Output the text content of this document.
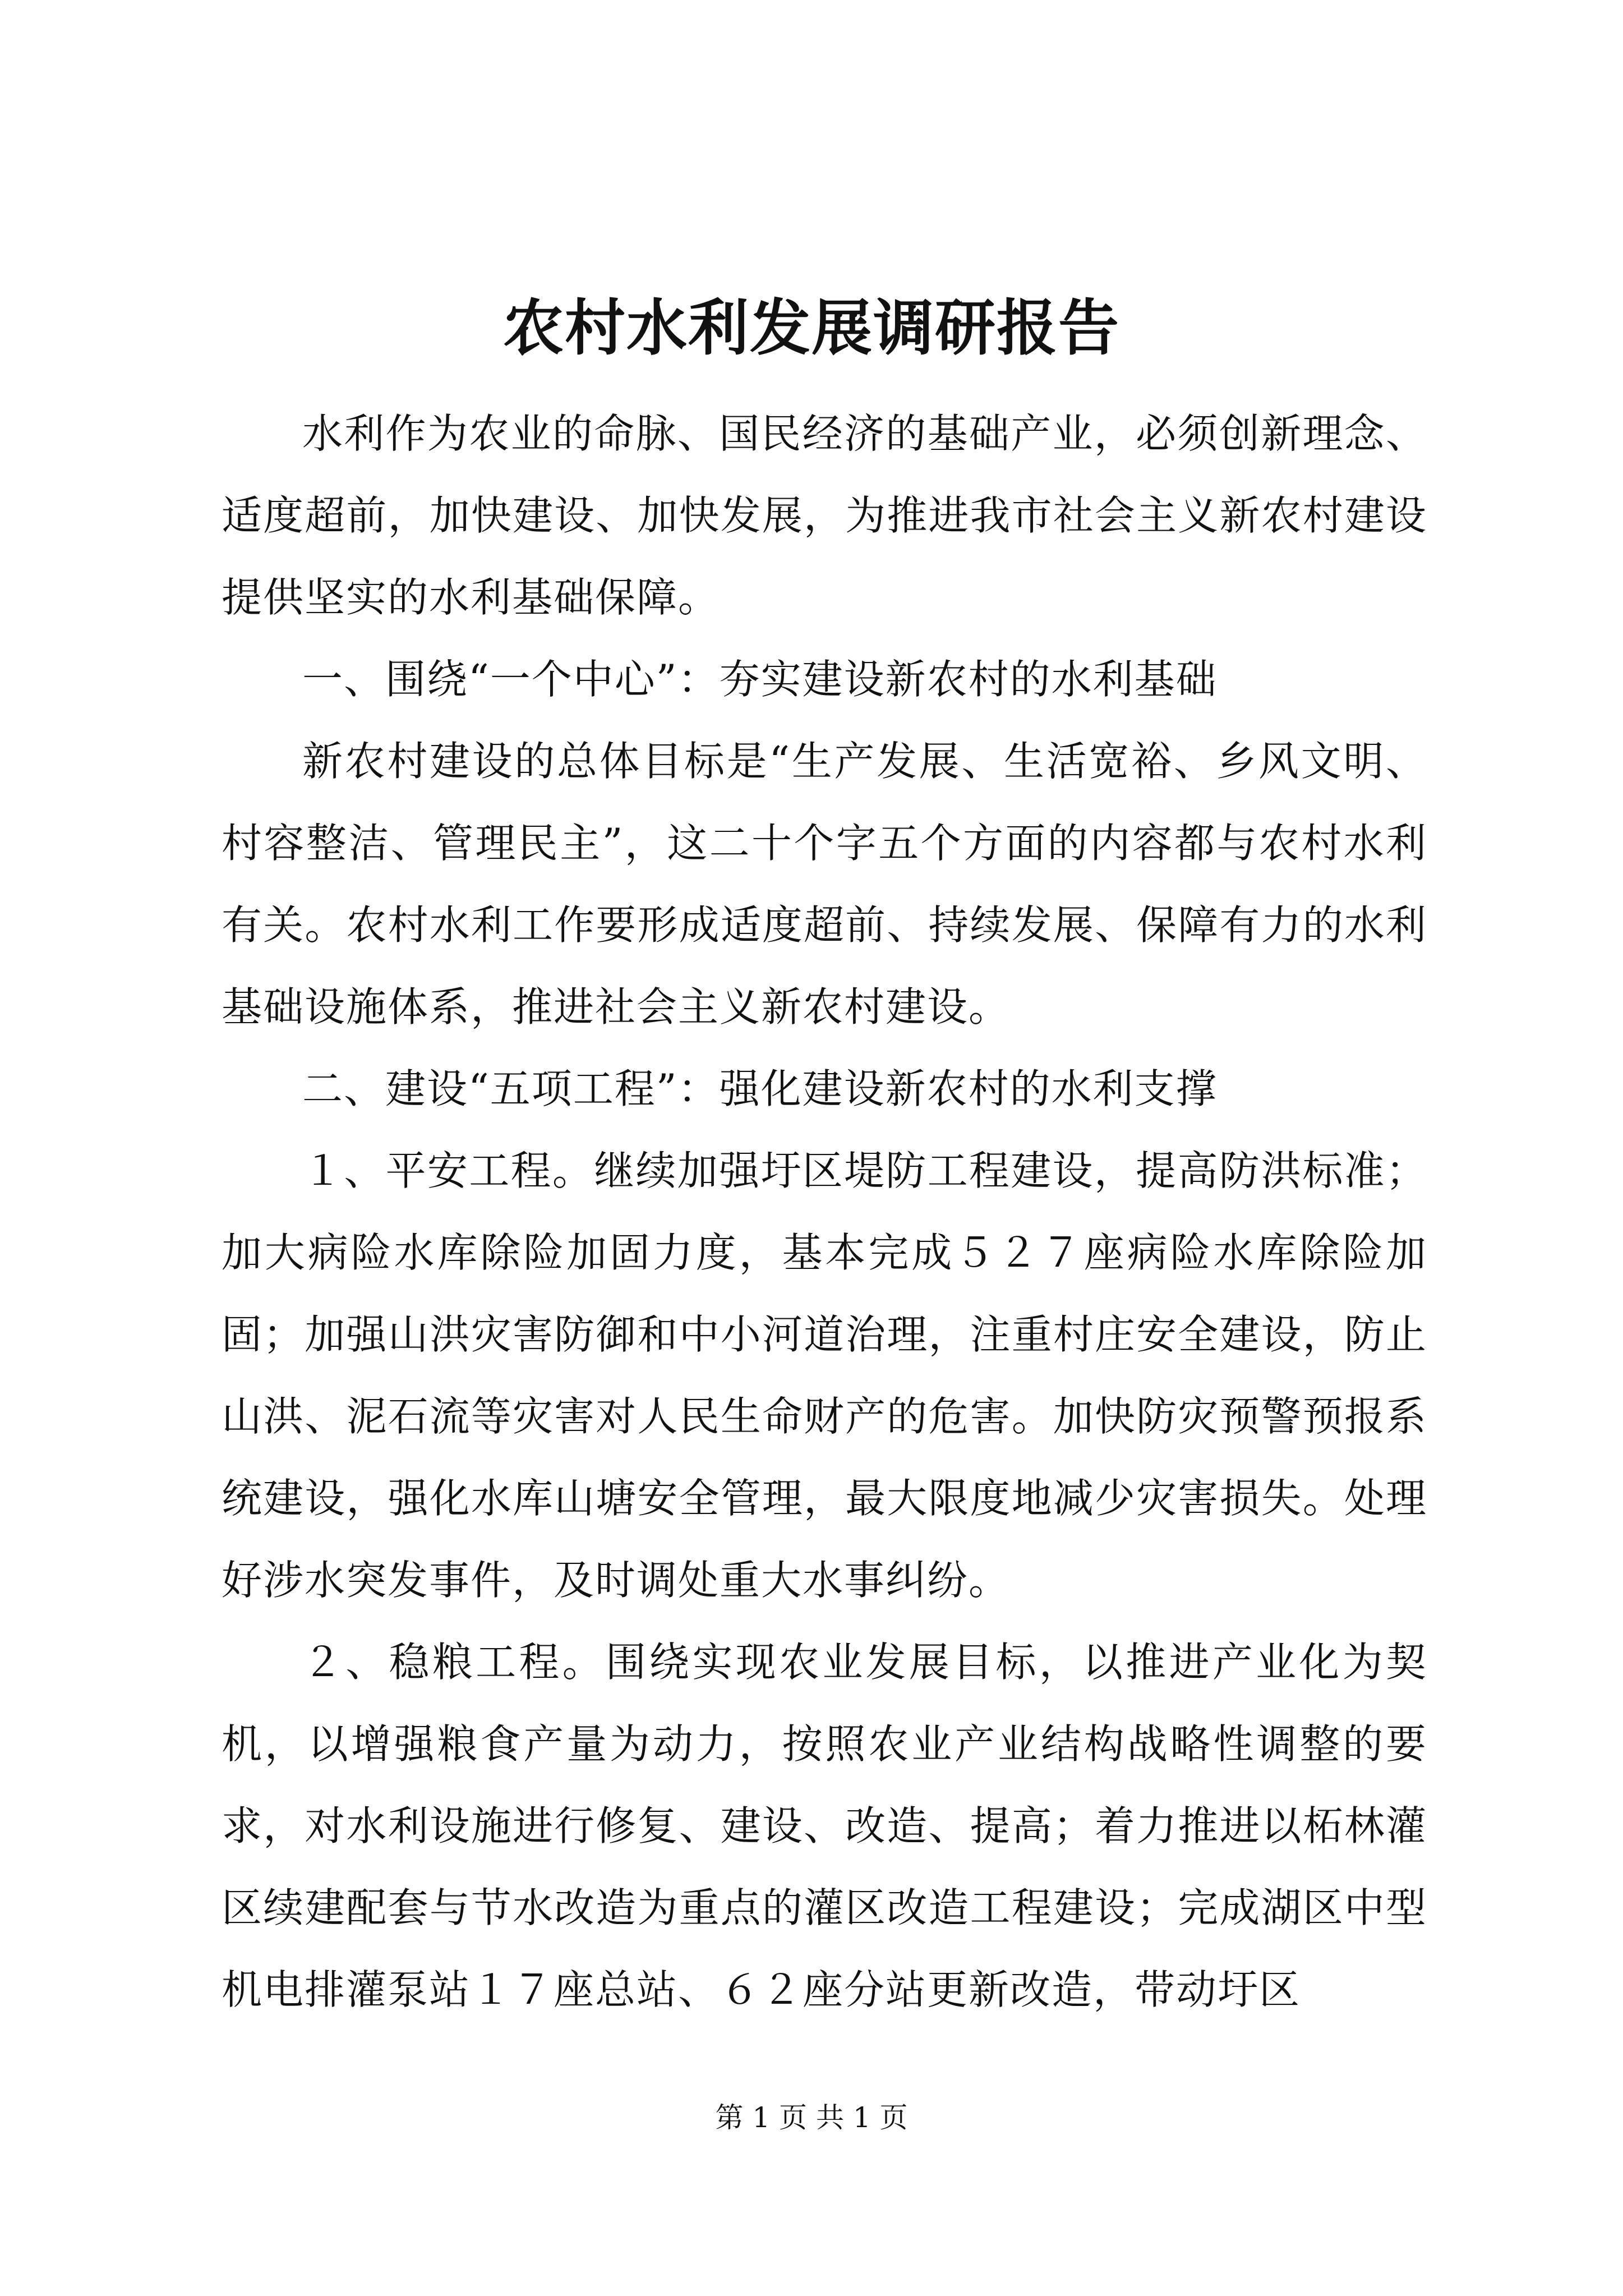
农村水利发展调研报告

水利作为农业的命脉、国民经济的基础产业，必须创新理念、适度超前，加快建设、加快发展，为推进我市社会主义新农村建设提供坚实的水利基础保障。

一、围绕“一个中心”：夯实建设新农村的水利基础

新农村建设的总体目标是“生产发展、生活宽裕、乡风文明、村容整洁、管理民主”，这二十个字五个方面的内容都与农村水利有关。农村水利工作要形成适度超前、持续发展、保障有力的水利基础设施体系，推进社会主义新农村建设。

二、建设“五项工程”：强化建设新农村的水利支撑

１、平安工程。继续加强圩区堤防工程建设，提高防洪标准；加大病险水库除险加固力度，基本完成５２７座病险水库除险加固；加强山洪灾害防御和中小河道治理，注重村庄安全建设，防止山洪、泥石流等灾害对人民生命财产的危害。加快防灾预警预报系统建设，强化水库山塘安全管理，最大限度地减少灾害损失。处理好涉水突发事件，及时调处重大水事纠纷。

２、稳粮工程。围绕实现农业发展目标，以推进产业化为契机，以增强粮食产量为动力，按照农业产业结构战略性调整的要求，对水利设施进行修复、建设、改造、提高；着力推进以柘林灌区续建配套与节水改造为重点的灌区改造工程建设；完成湖区中型机电排灌泵站１７座总站、６２座分站更新改造，带动圩区

第 1 页 共 1 页
